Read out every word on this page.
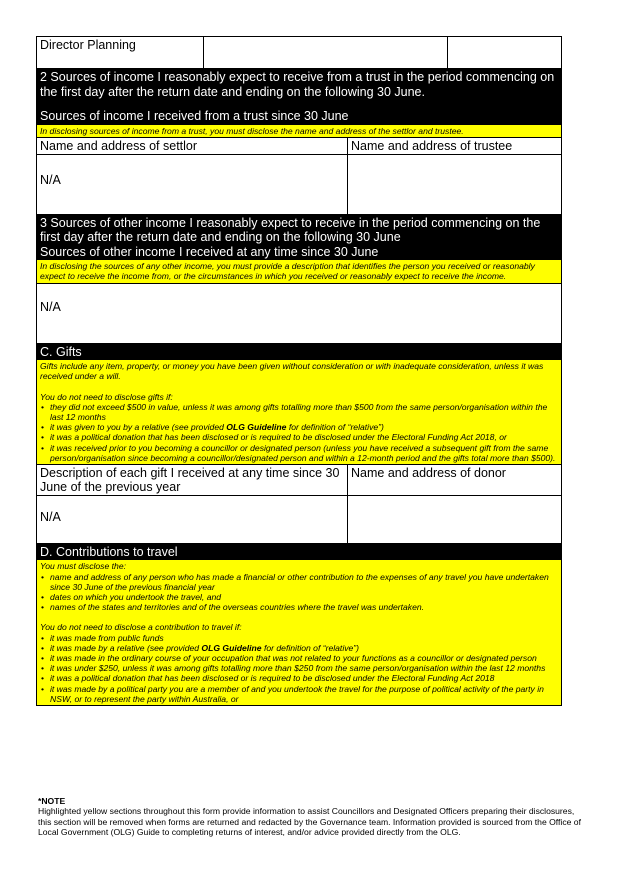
Director Planning
2 Sources of income I reasonably expect to receive from a trust in the period commencing on
the first day after the return date and ending on the following 30 June.
Sources of income I received from a trust since 30 June
In disclosing sources of income from a trust, you must disclose the name and address of the settlor and trustee.
Name and address of settlor	Name and address of trustee
N/A
3 Sources of other income I reasonably expect to receive in the period commencing on the
first day after the return date and ending on the following 30 June
Sources of other income I received at any time since 30 June
In disclosing the sources of any other income, you must provide a description that identifies the person you received or reasonably expect to receive the income from, or the circumstances in which you received or reasonably expect to receive the income.
N/A
C. Gifts

Gifts include any item, property, or money you have been given without consideration or with inadequate consideration, unless it was received under a will.

You do not need to disclose gifts if:

• they did not exceed $500 in value, unless it was among gifts totalling more than $500 from the same person/organisation within the last 12 months
• it was given to you by a relative (see provided OLG Guideline for definition of “relative”)
• it was a political donation that has been disclosed or is required to be disclosed under the Electoral Funding Act 2018, or
• it was received prior to you becoming a councillor or designated person (unless you have received a subsequent gift from the same person/organisation since becoming a councillor/designated person and within a 12-month period and the gifts total more than $500).
Description of each gift I received at any time since 30 June of the previous year
Name and address of donor
N/A
D. Contributions to travel

You must disclose the:

• name and address of any person who has made a financial or other contribution to the expenses of any travel you have undertaken since 30 June of the previous financial year
• dates on which you undertook the travel, and
• names of the states and territories and of the overseas countries where the travel was undertaken.

You do not need to disclose a contribution to travel if:

• it was made from public funds
• it was made by a relative (see provided OLG Guideline for definition of “relative”)
• it was made in the ordinary course of your occupation that was not related to your functions as a councillor or designated person
• it was under $250, unless it was among gifts totalling more than $250 from the same person/organisation within the last 12 months
• it was a political donation that has been disclosed or is required to be disclosed under the Electoral Funding Act 2018
• it was made by a political party you are a member of and you undertook the travel for the purpose of political activity of the party in NSW, or to represent the party within Australia, or
*NOTE
Highlighted yellow sections throughout this form provide information to assist Councillors and Designated Officers preparing their disclosures, this section will be removed when forms are returned and redacted by the Governance team. Information provided is sourced from the Office of Local Government (OLG) Guide to completing returns of interest, and/or advice provided directly from the OLG.
